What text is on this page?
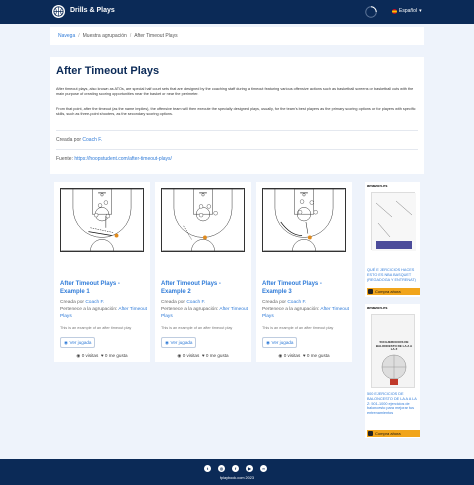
Drills & Plays	Español ▾
Navega / Muestra agrupación / After Timeout Plays
After Timeout Plays
After timeout plays, also known as ATOs, are special half court sets that are designed by the coaching staff during a timeout featuring various offensive actions such as basketball screens or basketball cuts with the main purpose of creating scoring opportunities near the basket or near the perimeter.
From that point, after the timeout (as the name implies), the offensive team will then execute the specially designed plays, usually, for the team's best players as the primary scoring options or for players with specific skills, such as three-point shooters, as the secondary scoring options.
Creada por Coach F.
Fuente: https://hoopstudent.com/after-timeout-plays/
After Timeout Plays - Example 1
Creada por Coach F.
Pertenece a la agrupación: After Timeout Plays
This is an example of an after timeout play
◉ Ver jugada
◉ 0 visitas ♥ 0 me gusta
After Timeout Plays - Example 2
Creada por Coach F.
Pertenece a la agrupación: After Timeout Plays
This is an example of an after timeout play
◉ Ver jugada
◉ 0 visitas ♥ 0 me gusta
After Timeout Plays - Example 3
Creada por Coach F.
Pertenece a la agrupación: After Timeout Plays
This is an example of an after timeout play
◉ Ver jugada
◉ 0 visitas ♥ 0 me gusta
amazon.es
QUÉ E JERCICIOS HACES ESTO ES NBA BASQUET (REGADOGA Y ENTRENAT)
Compra ahora
amazon.es
500 EJERCICIOS DE BALONCESTO DE LA A A LA Z
500 EJERCICIOS DE BALONCESTO DE LA A A LA Z: 501-1000 ejercicios de baloncesto para mejorar tus entrenamientos
Compra ahora
t	◎	f	▶	∞
fplaybook.com 2023
